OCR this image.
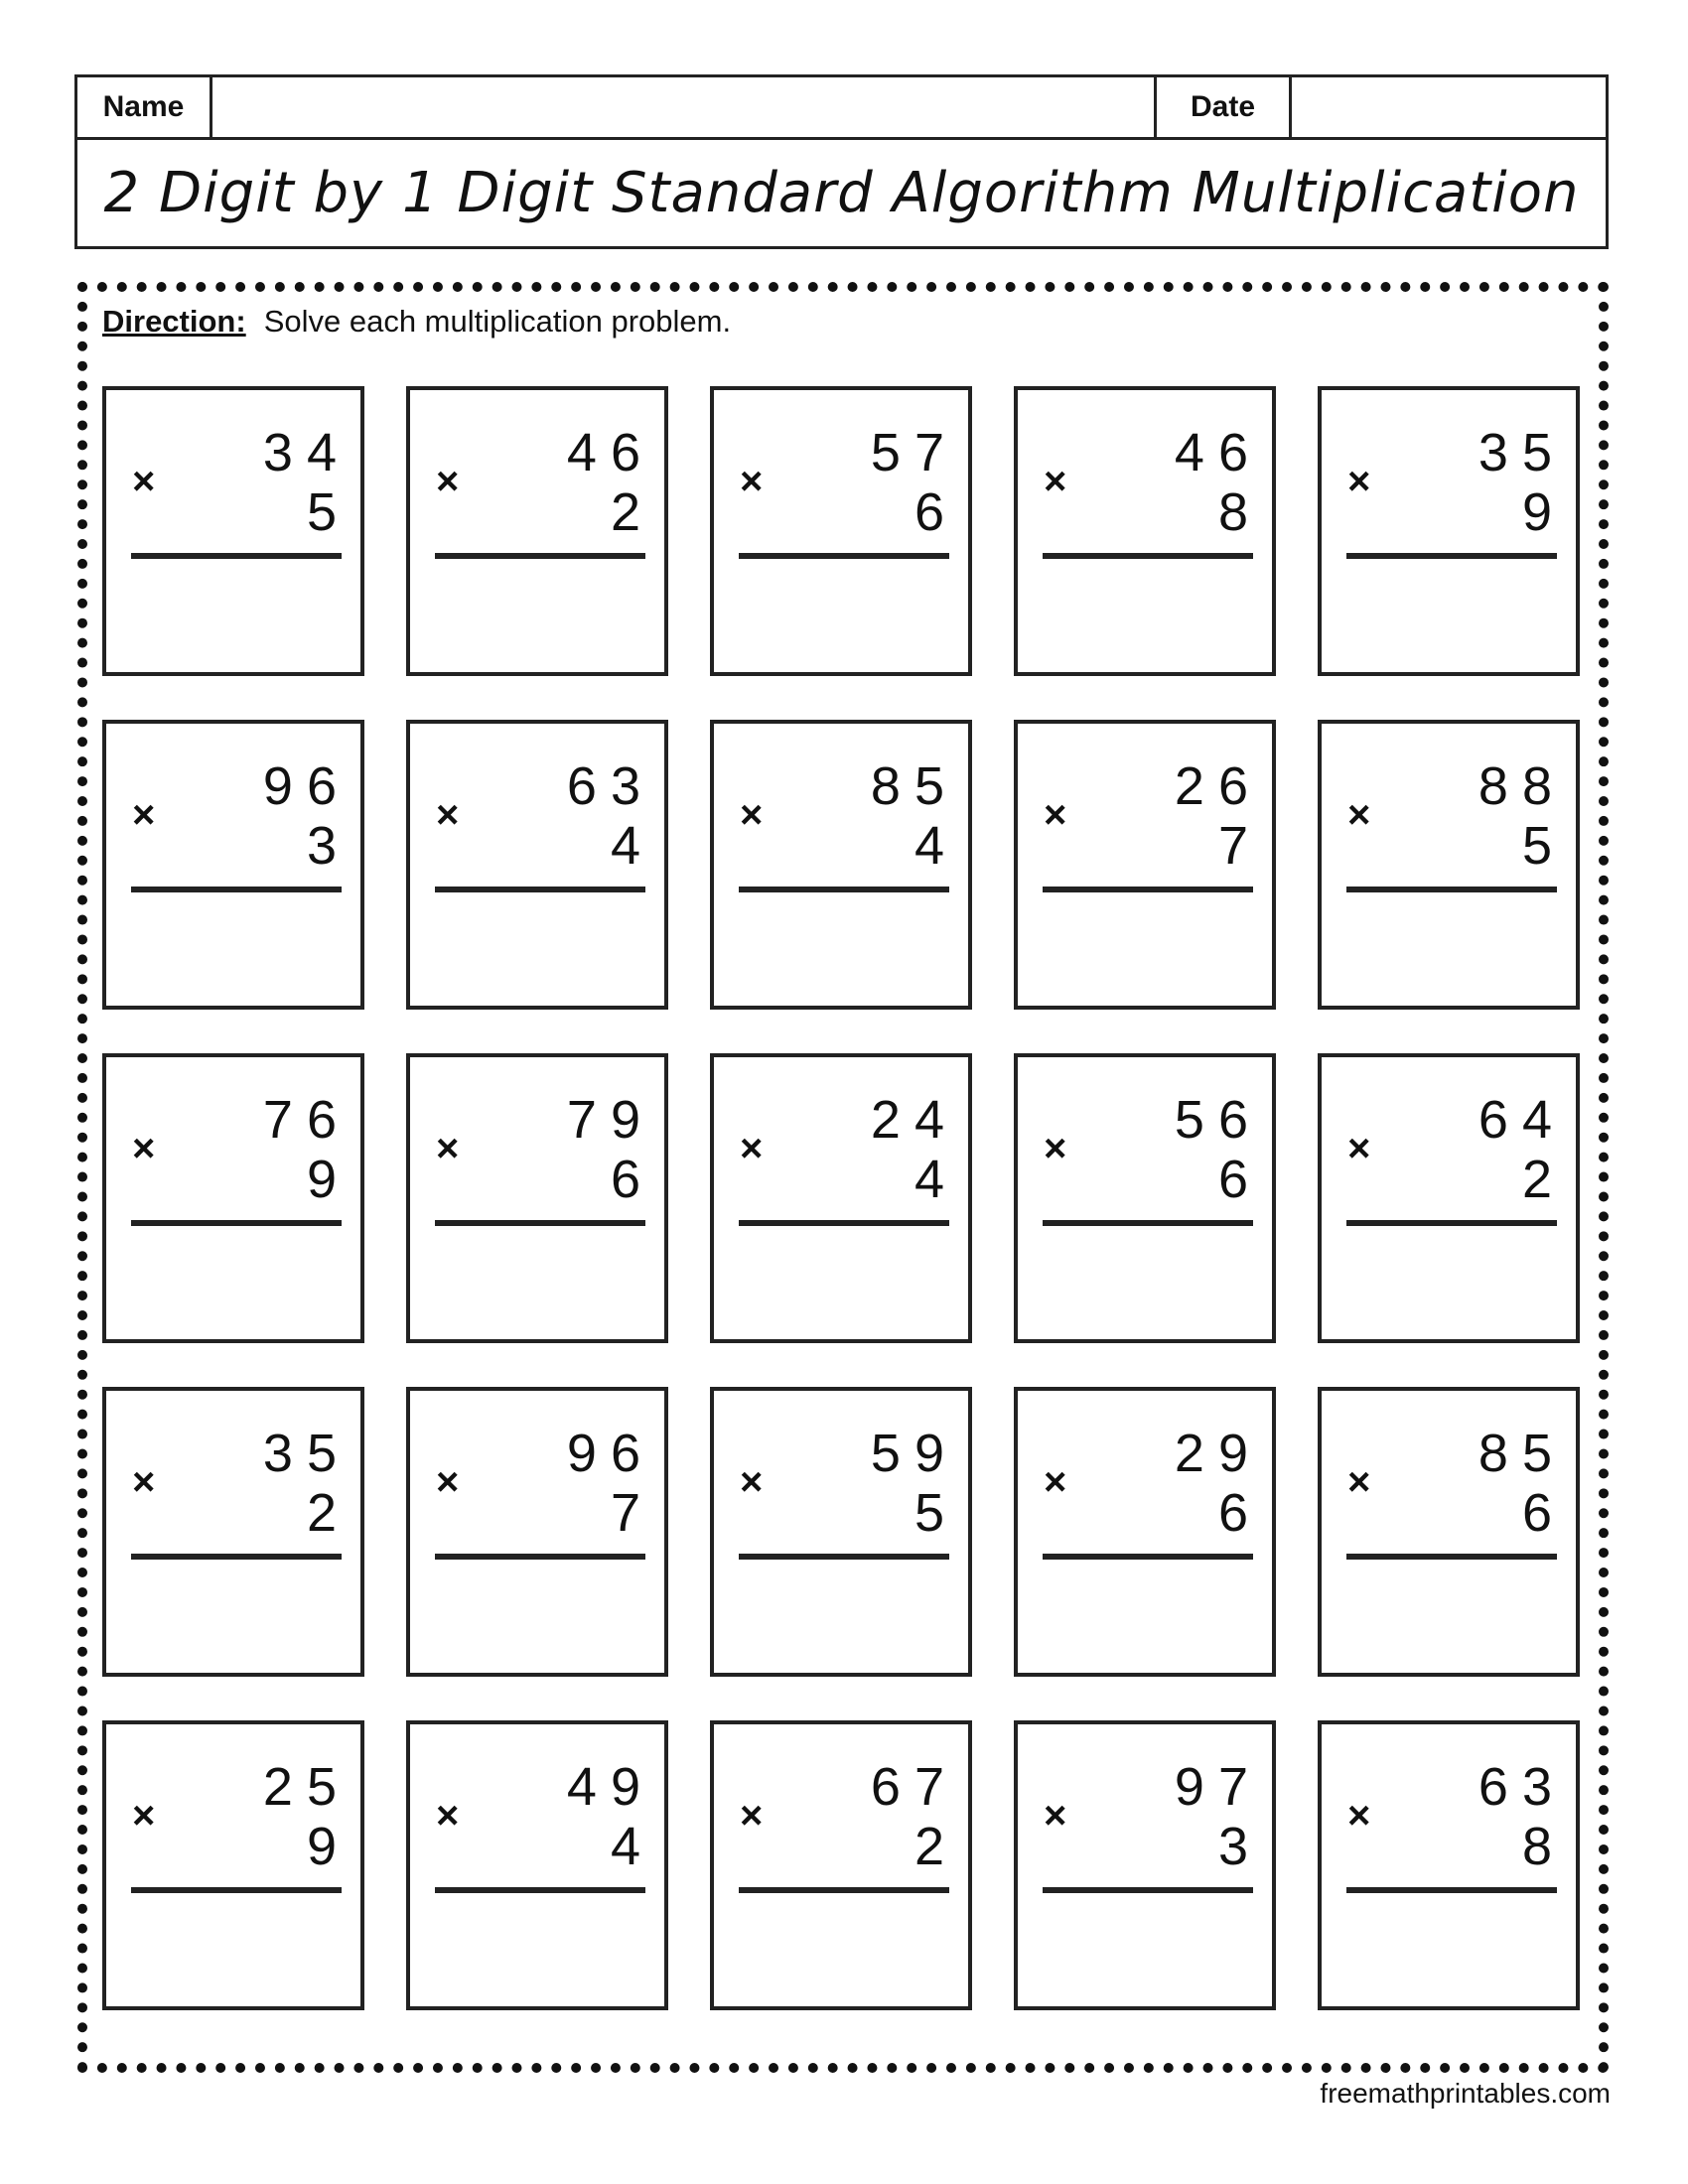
Name	Date
2 Digit by 1 Digit Standard Algorithm Multiplication
Direction: Solve each multiplication problem.
× 34
5
× 46
2
× 57
6
× 46
8
× 35
9
× 96
3
× 63
4
× 85
4
× 26
7
× 88
5
× 76
9
× 79
6
× 24
4
× 56
6
× 64
2
× 35
2
× 96
7
× 59
5
× 29
6
× 85
6
× 25
9
× 49
4
× 67
2
× 97
3
× 63
8
freemathprintables.com
